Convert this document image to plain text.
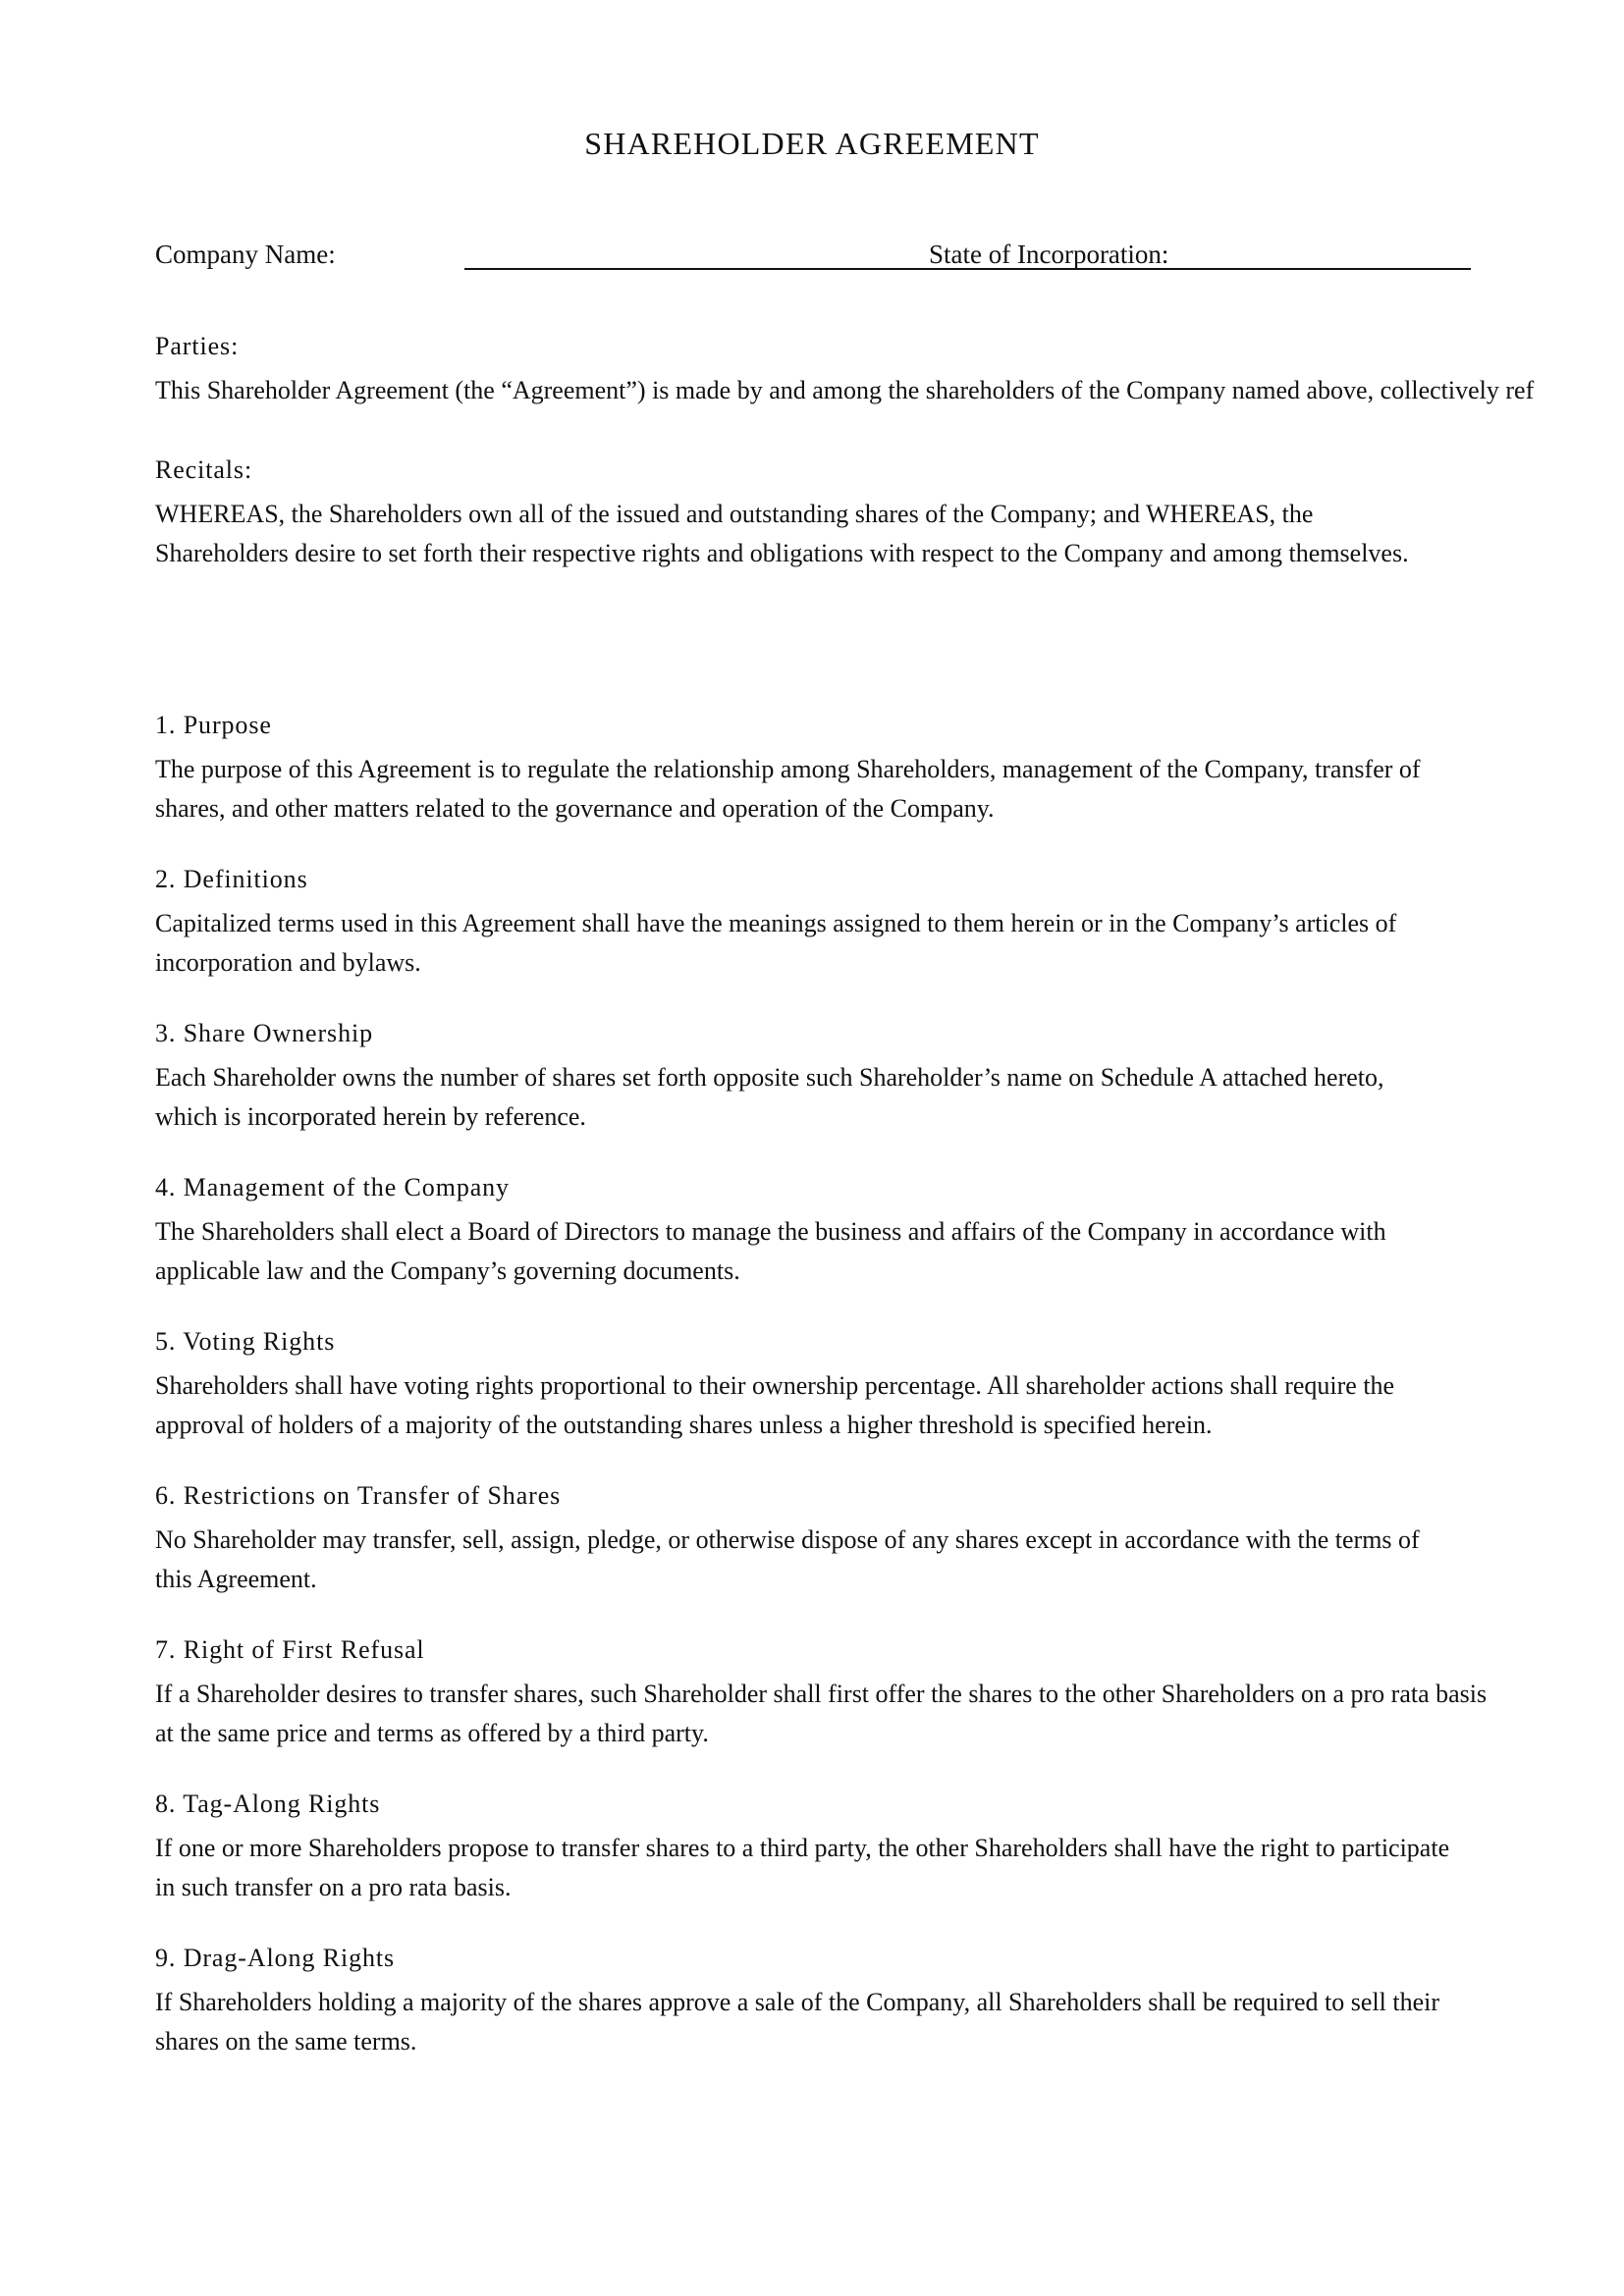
SHAREHOLDER AGREEMENT
Company Name:	State of Incorporation:

Parties:

This Shareholder Agreement (the “Agreement”) is made by and among the shareholders of the Company named above, collectively ref

Recitals:

WHEREAS, the Shareholders own all of the issued and outstanding shares of the Company; and WHEREAS, the Shareholders desire to set forth their respective rights and obligations with respect to the Company and among themselves.

1. Purpose

The purpose of this Agreement is to regulate the relationship among Shareholders, management of the Company, transfer of shares, and other matters related to the governance and operation of the Company.

2. Definitions

Capitalized terms used in this Agreement shall have the meanings assigned to them herein or in the Company’s articles of incorporation and bylaws.

3. Share Ownership

Each Shareholder owns the number of shares set forth opposite such Shareholder’s name on Schedule A attached hereto, which is incorporated herein by reference.

4. Management of the Company

The Shareholders shall elect a Board of Directors to manage the business and affairs of the Company in accordance with applicable law and the Company’s governing documents.

5. Voting Rights

Shareholders shall have voting rights proportional to their ownership percentage. All shareholder actions shall require the approval of holders of a majority of the outstanding shares unless a higher threshold is specified herein.

6. Restrictions on Transfer of Shares

No Shareholder may transfer, sell, assign, pledge, or otherwise dispose of any shares except in accordance with the terms of this Agreement.

7. Right of First Refusal

If a Shareholder desires to transfer shares, such Shareholder shall first offer the shares to the other Shareholders on a pro rata basis at the same price and terms as offered by a third party.

8. Tag-Along Rights

If one or more Shareholders propose to transfer shares to a third party, the other Shareholders shall have the right to participate in such transfer on a pro rata basis.

9. Drag-Along Rights

If Shareholders holding a majority of the shares approve a sale of the Company, all Shareholders shall be required to sell their shares on the same terms.
